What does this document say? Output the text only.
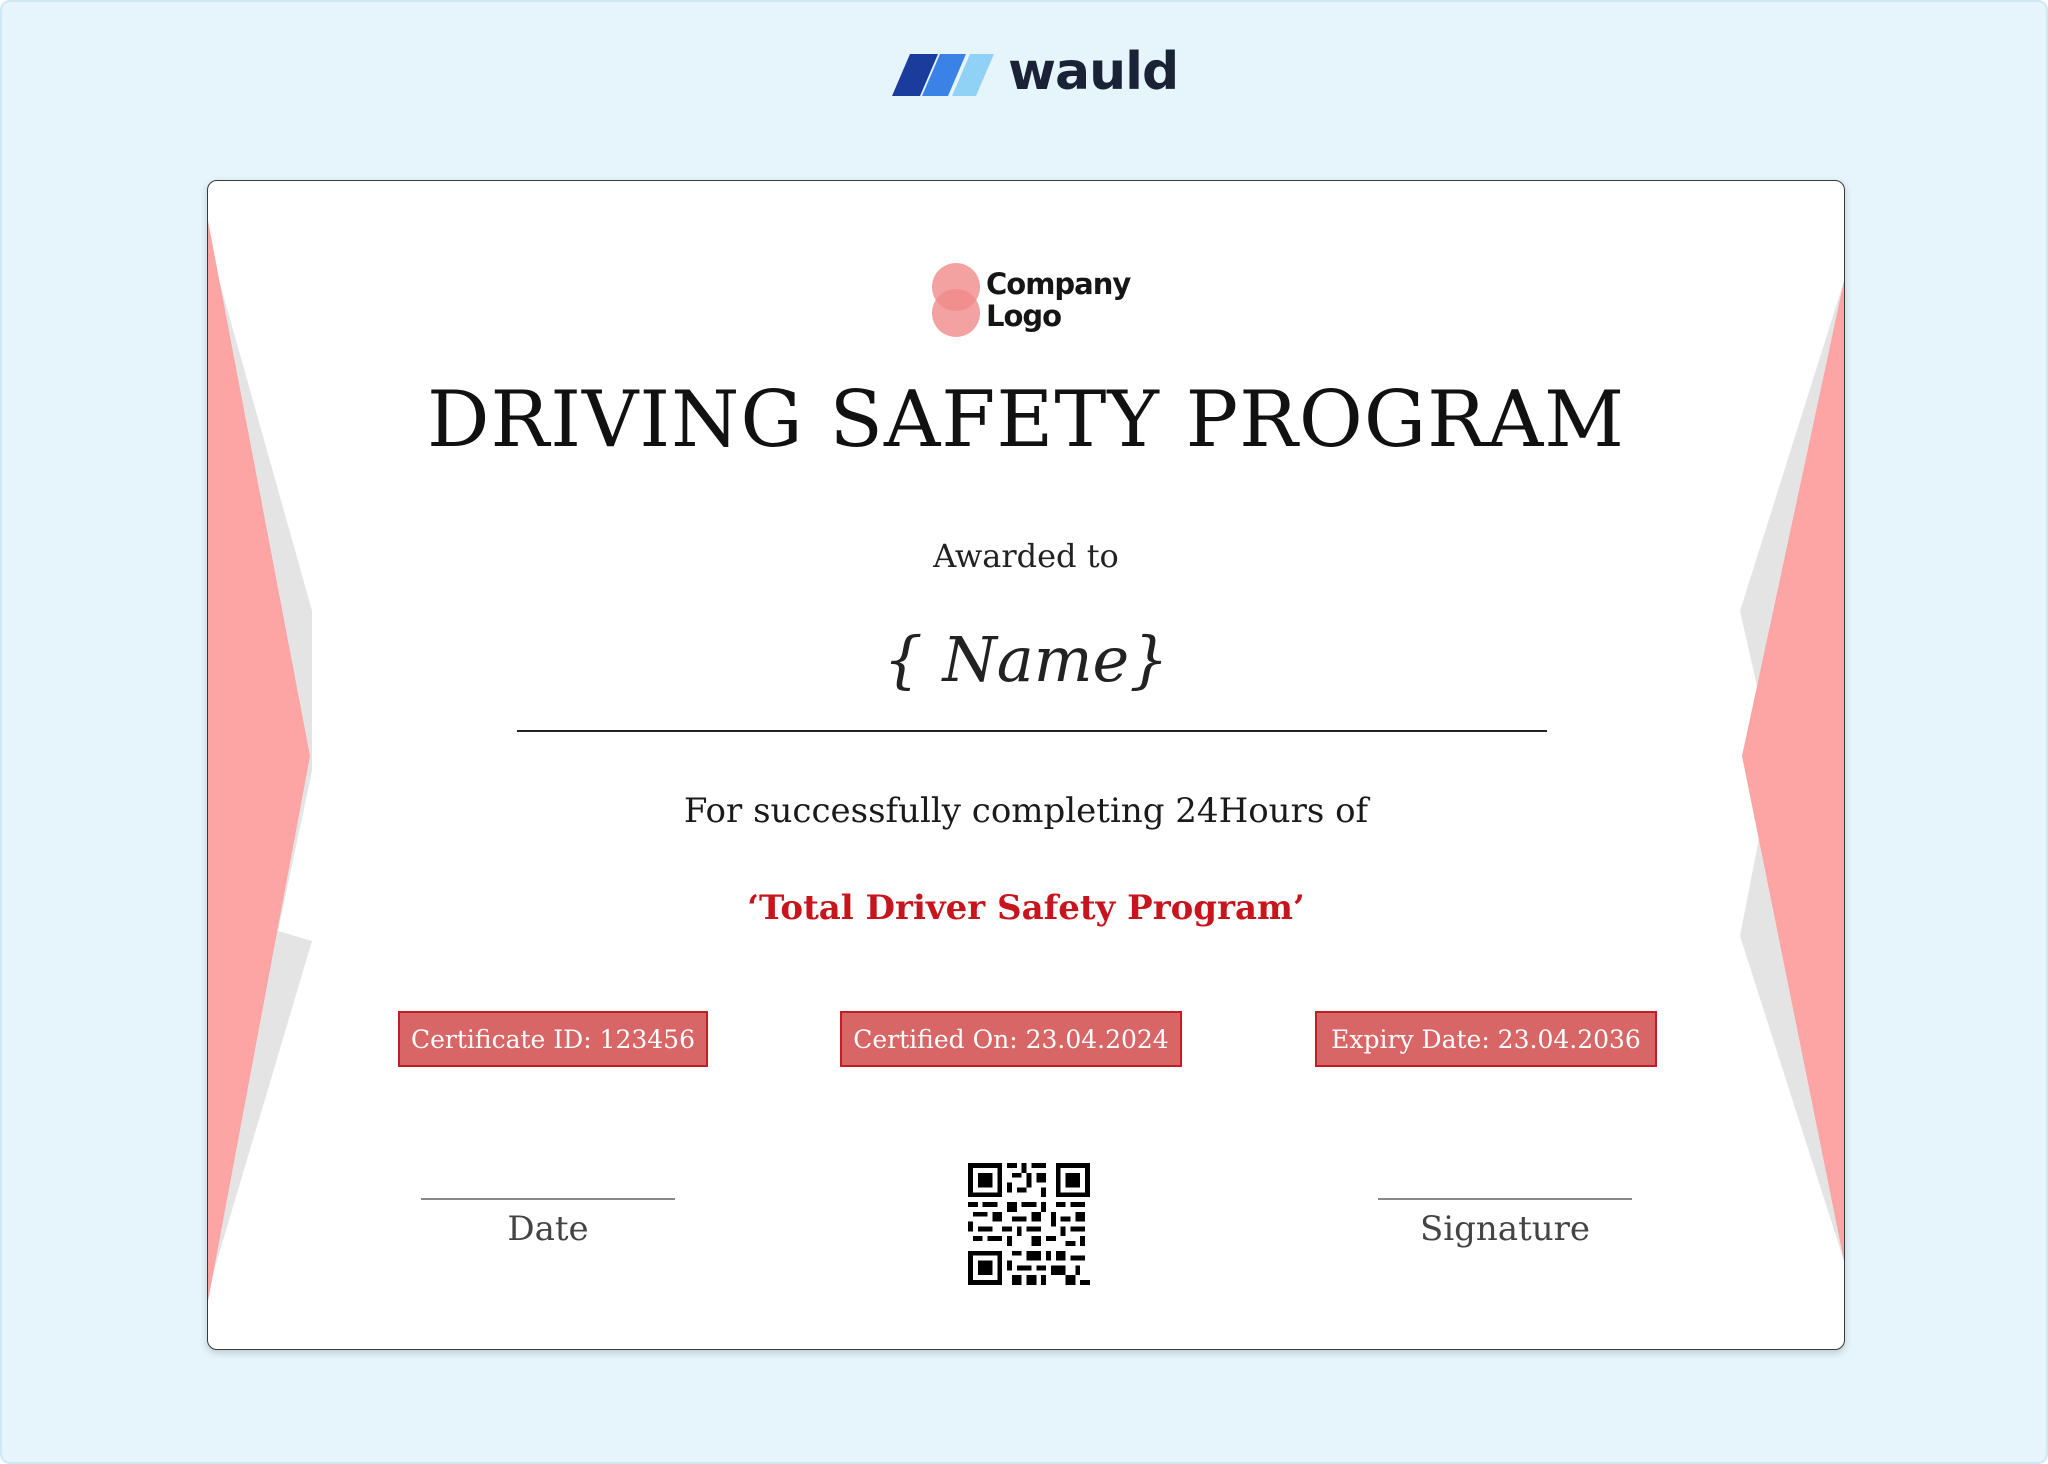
wauld
Company
Logo
DRIVING SAFETY PROGRAM
Awarded to
{ Name}
For successfully completing 24Hours of
‘Total Driver Safety Program’
Certificate ID: 123456	Certified On: 23.04.2024	Expiry Date: 23.04.2036
Date	Signature
